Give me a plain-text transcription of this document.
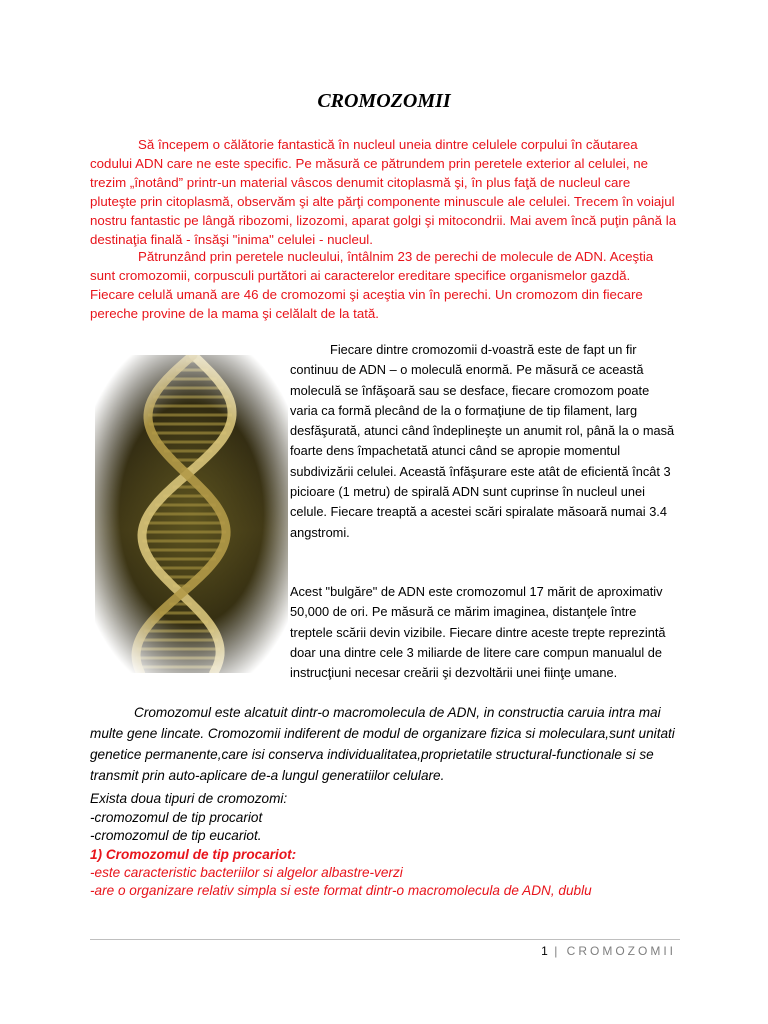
CROMOZOMII

Să începem o călătorie fantastică în nucleul uneia dintre celulele corpului în căutarea codului ADN care ne este specific. Pe măsură ce pătrundem prin peretele exterior al celulei, ne trezim „înotând” printr-un material vâscos denumit citoplasmă şi, în plus faţă de nucleul care pluteşte prin citoplasmă, observăm şi alte părţi componente minuscule ale celulei. Trecem în voiajul nostru fantastic pe lângă ribozomi, lizozomi, aparat golgi şi mitocondrii. Mai avem încă puţin până la destinaţia finală - însăşi "inima" celulei - nucleul.

Pătrunzând prin peretele nucleului, întâlnim 23 de perechi de molecule de ADN. Aceştia sunt cromozomii, corpusculi purtători ai caracterelor ereditare specifice organismelor gazdă. Fiecare celulă umană are 46 de cromozomi şi aceştia vin în perechi. Un cromozom din fiecare pereche provine de la mama şi celălalt de la tată.

Fiecare dintre cromozomii d-voastră este de fapt un fir continuu de ADN – o moleculă enormă. Pe măsură ce această moleculă se înfăşoară sau se desface, fiecare cromozom poate varia ca formă plecând de la o formaţiune de tip filament, larg desfăşurată, atunci când îndeplineşte un anumit rol, până la o masă foarte dens împachetată atunci când se apropie momentul subdivizării celulei. Această înfăşurare este atât de eficientă încât 3 picioare (1 metru) de spirală ADN sunt cuprinse în nucleul unei celule. Fiecare treaptă a acestei scări spiralate măsoară numai 3.4 angstromi.

Acest "bulgăre" de ADN este cromozomul 17 mărit de aproximativ 50,000 de ori. Pe măsură ce mărim imaginea, distanţele între treptele scării devin vizibile. Fiecare dintre aceste trepte reprezintă doar una dintre cele 3 miliarde de litere care compun manualul de instrucţiuni necesar creării şi dezvoltării unei fiinţe umane.

Cromozomul este alcatuit dintr-o macromolecula de ADN, in constructia caruia intra mai multe gene lincate. Cromozomii indiferent de modul de organizare fizica si moleculara,sunt unitati genetice permanente,care isi conserva individualitatea,proprietatile structural-functionale si se transmit prin auto-aplicare de-a lungul generatiilor celulare.

Exista doua tipuri de cromozomi:

-cromozomul de tip procariot

-cromozomul de tip eucariot.

1) Cromozomul de tip procariot:

-este caracteristic bacteriilor si algelor albastre-verzi

-are o organizare relativ simpla si este format dintr-o macromolecula de ADN, dublu

1 | CROMOZOMII
